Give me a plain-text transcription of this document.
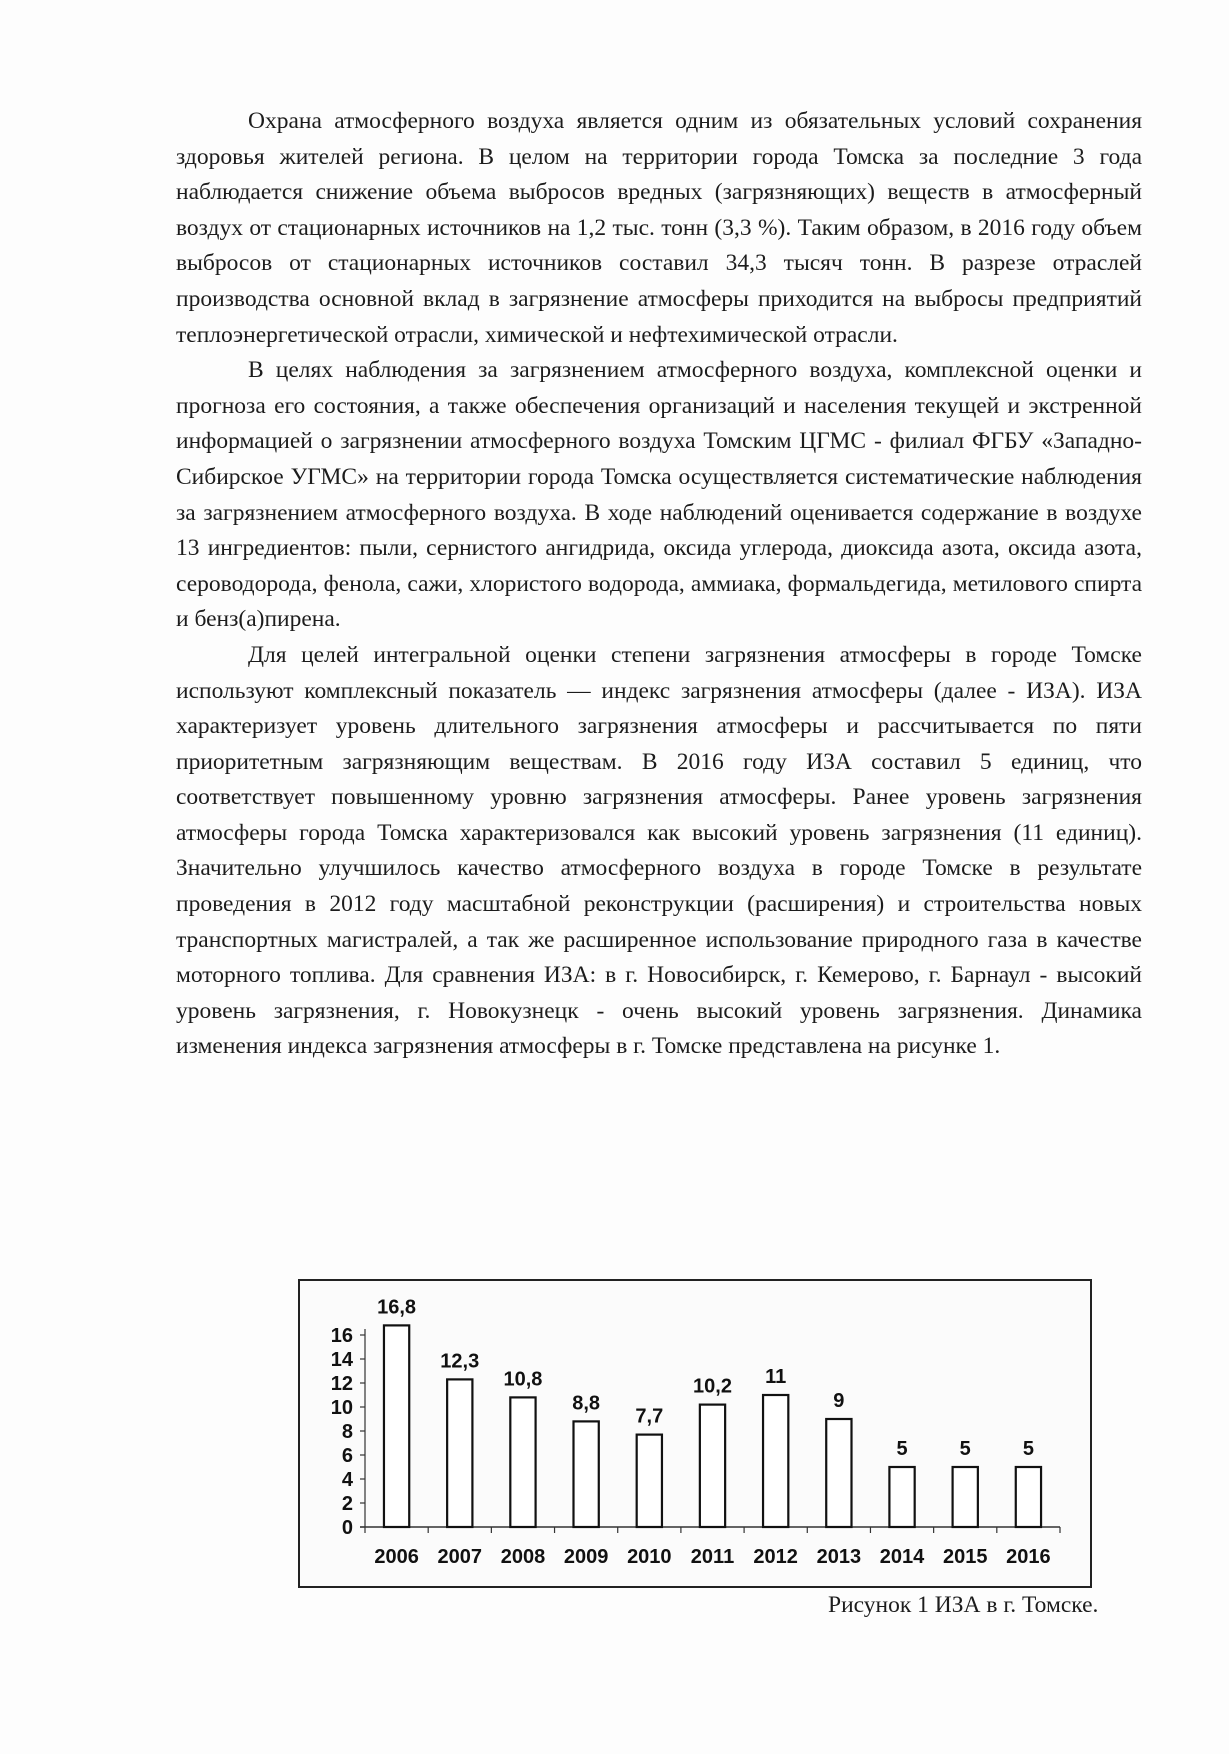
Охрана атмосферного воздуха является одним из обязательных условий сохранения здоровья жителей региона. В целом на территории города Томска за последние 3 года наблюдается снижение объема выбросов вредных (загрязняющих) веществ в атмосферный воздух от стационарных источников на 1,2 тыс. тонн (3,3 %). Таким образом, в 2016 году объем выбросов от стационарных источников составил 34,3 тысяч тонн. В разрезе отраслей производства основной вклад в загрязнение атмосферы приходится на выбросы предприятий теплоэнергетической отрасли, химической и нефтехимической отрасли.

В целях наблюдения за загрязнением атмосферного воздуха, комплексной оценки и прогноза его состояния, а также обеспечения организаций и населения текущей и экстренной информацией о загрязнении атмосферного воздуха Томским ЦГМС - филиал ФГБУ «Западно-Сибирское УГМС» на территории города Томска осуществляется систематические наблюдения за загрязнением атмосферного воздуха. В ходе наблюдений оценивается содержание в воздухе 13 ингредиентов: пыли, сернистого ангидрида, оксида углерода, диоксида азота, оксида азота, сероводорода, фенола, сажи, хлористого водорода, аммиака, формальдегида, метилового спирта и бенз(а)пирена.

Для целей интегральной оценки степени загрязнения атмосферы в городе Томске используют комплексный показатель — индекс загрязнения атмосферы (далее - ИЗА). ИЗА характеризует уровень длительного загрязнения атмосферы и рассчитывается по пяти приоритетным загрязняющим веществам. В 2016 году ИЗА составил 5 единиц, что соответствует повышенному уровню загрязнения атмосферы. Ранее уровень загрязнения атмосферы города Томска характеризовался как высокий уровень загрязнения (11 единиц). Значительно улучшилось качество атмосферного воздуха в городе Томске в результате проведения в 2012 году масштабной реконструкции (расширения) и строительства новых транспортных магистралей, а так же расширенное использование природного газа в качестве моторного топлива. Для сравнения ИЗА: в г. Новосибирск, г. Кемерово, г. Барнаул - высокий уровень загрязнения, г. Новокузнецк - очень высокий уровень загрязнения. Динамика изменения индекса загрязнения атмосферы в г. Томске представлена на рисунке 1.

0
2
4
6
8
10
12
14
16
16,8
2006
12,3
2007
10,8
2008
8,8
2009
7,7
2010
10,2
2011
11
2012
9
2013
5
2014
5
2015
5
2016
Рисунок 1 ИЗА в г. Томске.
